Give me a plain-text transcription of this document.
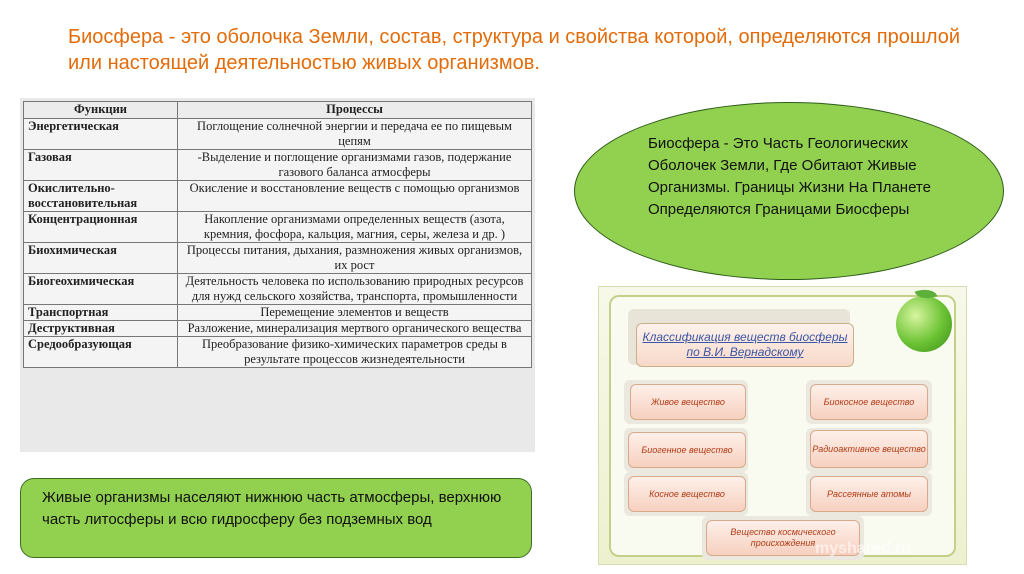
Биосфера - это оболочка Земли, состав, структура и свойства которой, определяются прошлой или настоящей деятельностью живых организмов.
Функции	Процессы
Энергетическая	Поглощение солнечной энергии и передача ее по пищевым цепям
Газовая	-Выделение и поглощение организмами газов, подержание газового баланса атмосферы
Окислительно-восстановительная	Окисление и восстановление веществ с помощью организмов
Концентрационная	Накопление организмами определенных веществ (азота, кремния, фосфора, кальция, магния, серы, железа и др. )
Биохимическая	Процессы питания, дыхания, размножения живых организмов, их рост
Биогеохимическая	Деятельность человека по использованию природных ресурсов для нужд сельского хозяйства, транспорта, промышленности
Транспортная	Перемещение элементов и веществ
Деструктивная	Разложение, минерализация мертвого органического вещества
Средообразующая	Преобразование физико-химических параметров среды в результате процессов жизнедеятельности

Биосфера - Это Часть Геологических Оболочек Земли, Где Обитают Живые Организмы. Границы Жизни На Планете Определяются Границами Биосферы

Живые организмы населяют нижнюю часть атмосферы, верхнюю часть литосферы и всю гидросферу без подземных вод

Классификация веществ биосферы по В.И. Вернадскому
Живое вещество	Биокосное вещество
Биогенное вещество	Радиоактивное вещество
Косное вещество	Рассеянные атомы
Вещество космического происхождения myshared.ru
